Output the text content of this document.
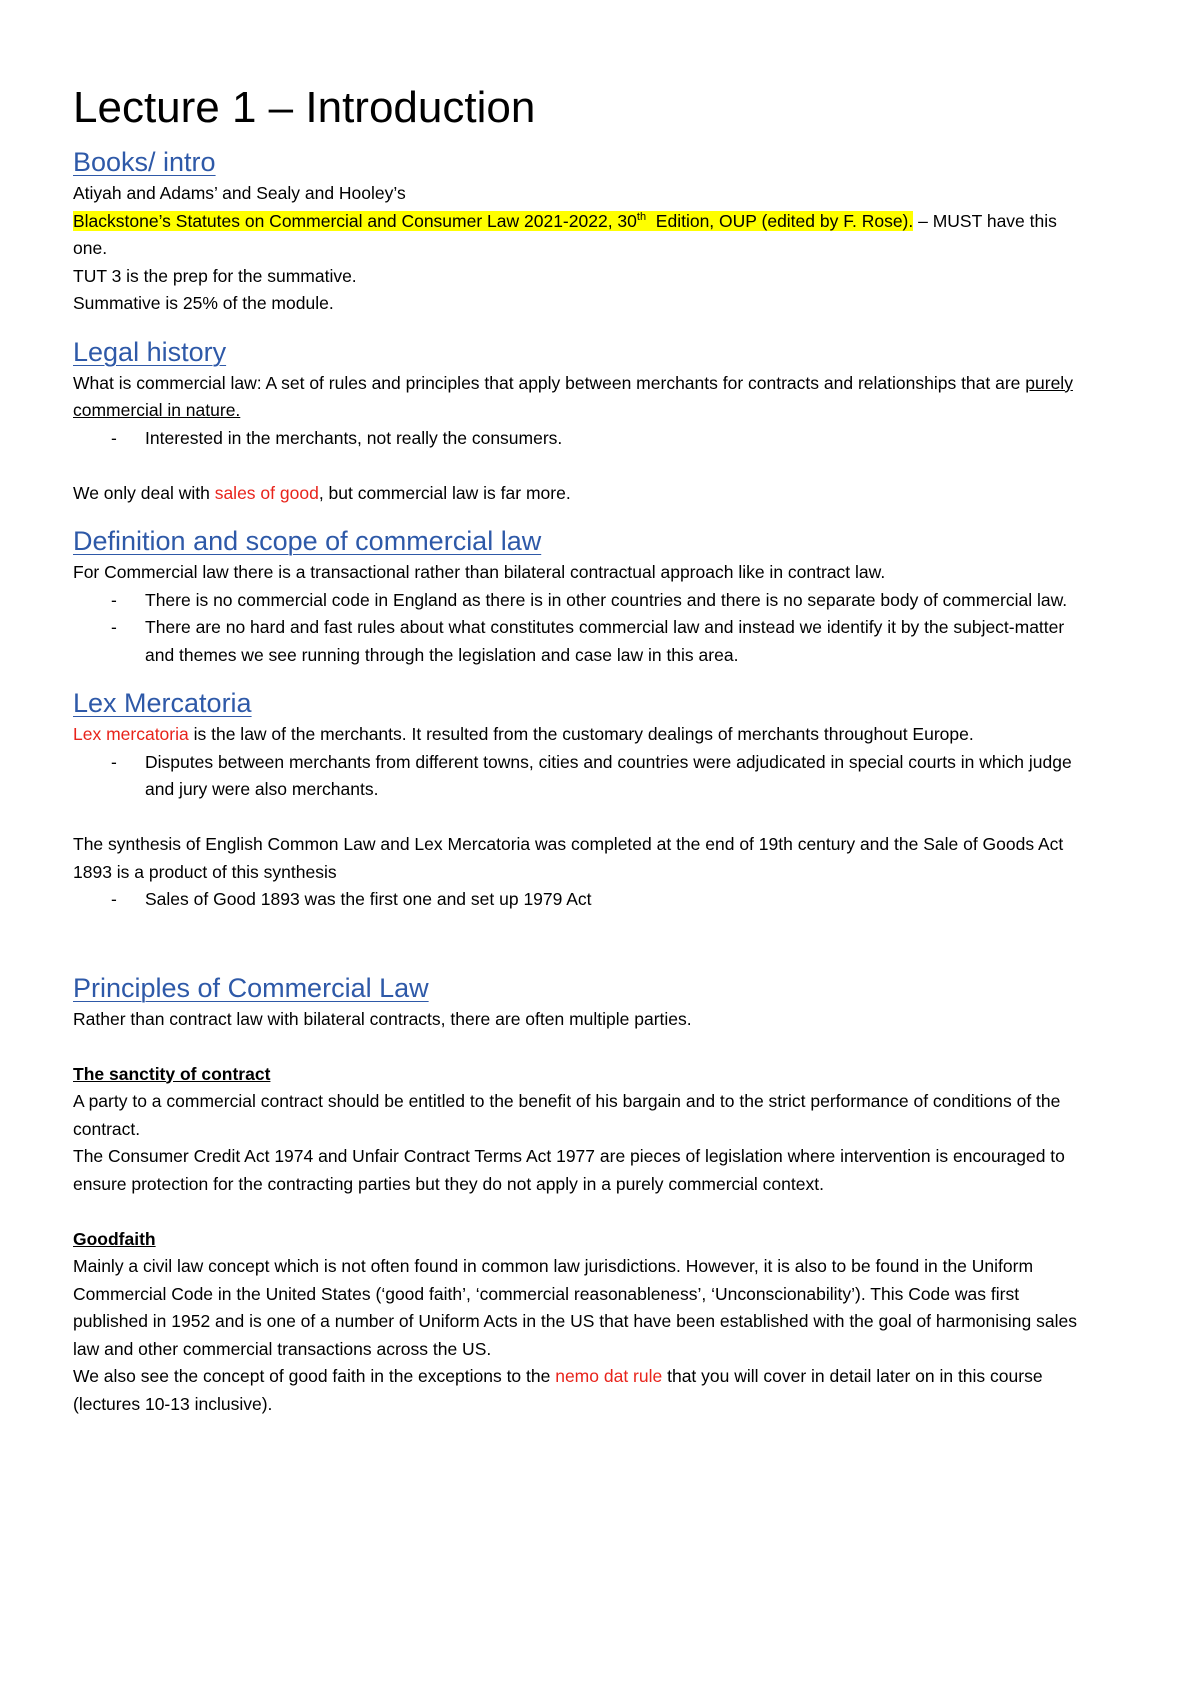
Lecture 1 – Introduction
Books/ intro

Atiyah and Adams’ and Sealy and Hooley’s

Blackstone’s Statutes on Commercial and Consumer Law 2021-2022, 30th  Edition, OUP (edited by F. Rose). – MUST have this one.

TUT 3 is the prep for the summative.

Summative is 25% of the module.

Legal history

What is commercial law: A set of rules and principles that apply between merchants for contracts and relationships that are purely commercial in nature.

- Interested in the merchants, not really the consumers.

We only deal with sales of good, but commercial law is far more.

Definition and scope of commercial law

For Commercial law there is a transactional rather than bilateral contractual approach like in contract law.

- There is no commercial code in England as there is in other countries and there is no separate body of commercial law.
- There are no hard and fast rules about what constitutes commercial law and instead we identify it by the subject-matter and themes we see running through the legislation and case law in this area.
Lex Mercatoria

Lex mercatoria is the law of the merchants. It resulted from the customary dealings of merchants throughout Europe.

- Disputes between merchants from different towns, cities and countries were adjudicated in special courts in which judge and jury were also merchants.

The synthesis of English Common Law and Lex Mercatoria was completed at the end of 19th century and the Sale of Goods Act 1893 is a product of this synthesis

- Sales of Good 1893 was the first one and set up 1979 Act
Principles of Commercial Law

Rather than contract law with bilateral contracts, there are often multiple parties.

The sanctity of contract

A party to a commercial contract should be entitled to the benefit of his bargain and to the strict performance of conditions of the contract.

The Consumer Credit Act 1974 and Unfair Contract Terms Act 1977 are pieces of legislation where intervention is encouraged to ensure protection for the contracting parties but they do not apply in a purely commercial context.

Goodfaith

Mainly a civil law concept which is not often found in common law jurisdictions. However, it is also to be found in the Uniform Commercial Code in the United States (‘good faith’, ‘commercial reasonableness’, ‘Unconscionability’). This Code was first published in 1952 and is one of a number of Uniform Acts in the US that have been established with the goal of harmonising sales law and other commercial transactions across the US.

We also see the concept of good faith in the exceptions to the nemo dat rule that you will cover in detail later on in this course (lectures 10-13 inclusive).
